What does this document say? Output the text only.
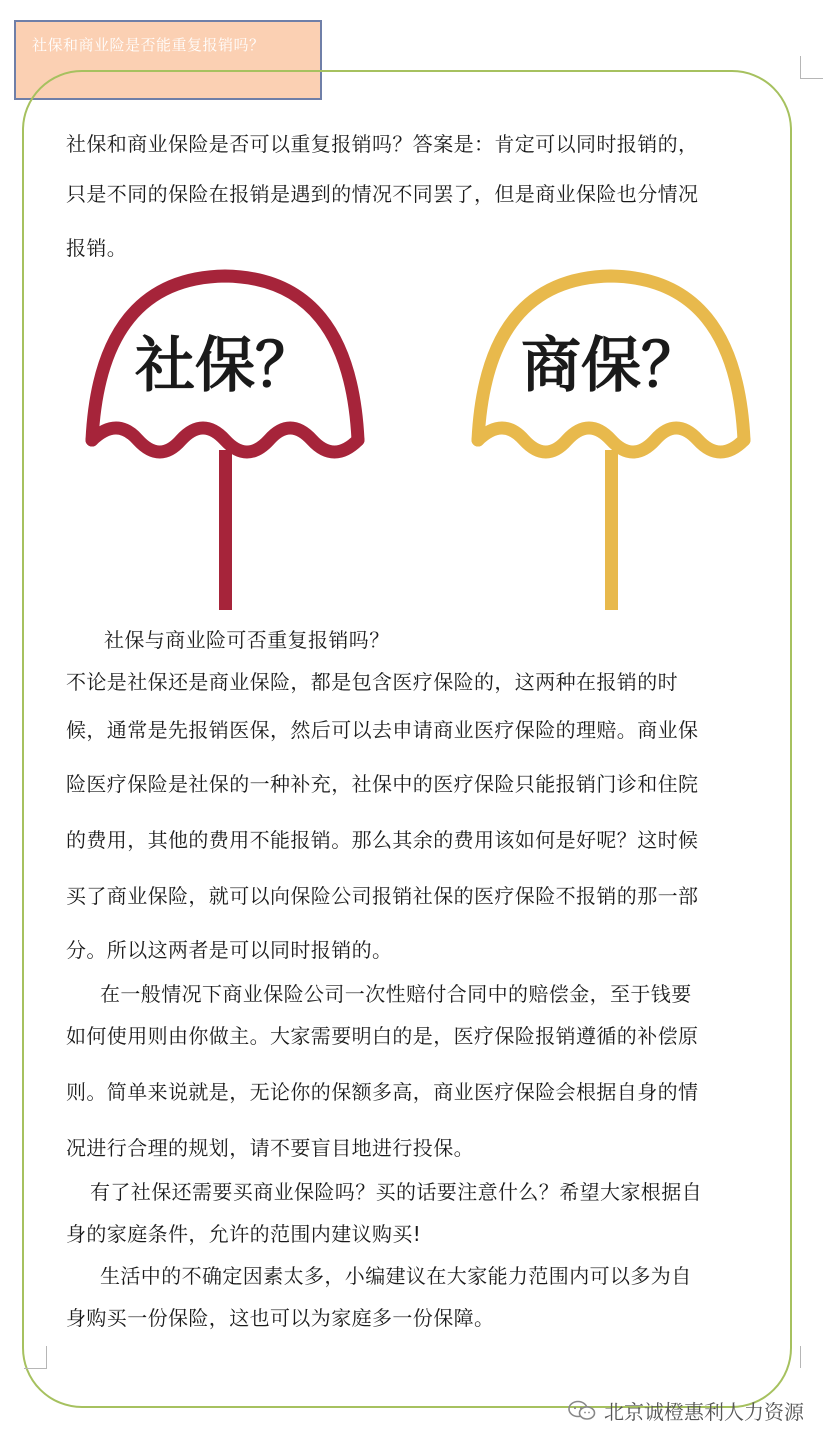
社保和商业险是否能重复报销吗？
社保和商业保险是否可以重复报销吗？答案是：肯定可以同时报销的，
只是不同的保险在报销是遇到的情况不同罢了，但是商业保险也分情况
报销。
社保？	商保？
社保与商业险可否重复报销吗？
不论是社保还是商业保险，都是包含医疗保险的，这两种在报销的时
候，通常是先报销医保，然后可以去申请商业医疗保险的理赔。商业保
险医疗保险是社保的一种补充，社保中的医疗保险只能报销门诊和住院
的费用，其他的费用不能报销。那么其余的费用该如何是好呢？这时候
买了商业保险，就可以向保险公司报销社保的医疗保险不报销的那一部
分。所以这两者是可以同时报销的。
在一般情况下商业保险公司一次性赔付合同中的赔偿金，至于钱要
如何使用则由你做主。大家需要明白的是，医疗保险报销遵循的补偿原
则。简单来说就是，无论你的保额多高，商业医疗保险会根据自身的情
况进行合理的规划，请不要盲目地进行投保。
有了社保还需要买商业保险吗？买的话要注意什么？希望大家根据自
身的家庭条件，允许的范围内建议购买!
生活中的不确定因素太多，小编建议在大家能力范围内可以多为自
身购买一份保险，这也可以为家庭多一份保障。
北京诚橙惠利人力资源
